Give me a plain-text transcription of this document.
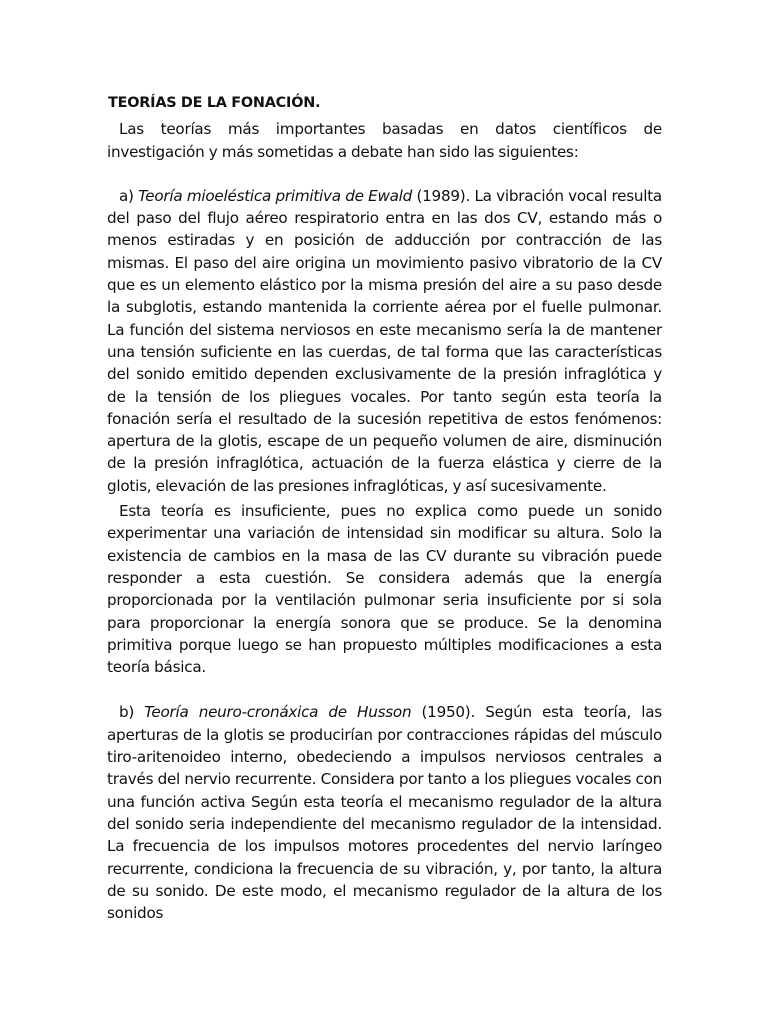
TEORÍAS DE LA FONACIÓN.

Las teorías más importantes basadas en datos científicos de investigación y más sometidas a debate han sido las siguientes:

a) Teoría mioeléstica primitiva de Ewald (1989). La vibración vocal resulta del paso del flujo aéreo respiratorio entra en las dos CV, estando más o menos estiradas y en posición de adducción por contracción de las mismas. El paso del aire origina un movimiento pasivo vibratorio de la CV que es un elemento elástico por la misma presión del aire a su paso desde la subglotis, estando mantenida la corriente aérea por el fuelle pulmonar. La función del sistema nerviosos en este mecanismo sería la de mantener una tensión suficiente en las cuerdas, de tal forma que las características del sonido emitido dependen exclusivamente de la presión infraglótica y de la tensión de los pliegues vocales. Por tanto según esta teoría la fonación sería el resultado de la sucesión repetitiva de estos fenómenos: apertura de la glotis, escape de un pequeño volumen de aire, disminución de la presión infraglótica, actuación de la fuerza elástica y cierre de la glotis, elevación de las presiones infraglóticas, y así sucesivamente.

Esta teoría es insuficiente, pues no explica como puede un sonido experimentar una variación de intensidad sin modificar su altura. Solo la existencia de cambios en la masa de las CV durante su vibración puede responder a esta cuestión. Se considera además que la energía proporcionada por la ventilación pulmonar seria insuficiente por si sola para proporcionar la energía sonora que se produce. Se la denomina primitiva porque luego se han propuesto múltiples modificaciones a esta teoría básica.

b) Teoría neuro-cronáxica de Husson (1950). Según esta teoría, las aperturas de la glotis se producirían por contracciones rápidas del músculo tiro-aritenoideo interno, obedeciendo a impulsos nerviosos centrales a través del nervio recurrente. Considera por tanto a los pliegues vocales con una función activa Según esta teoría el mecanismo regulador de la altura del sonido seria independiente del mecanismo regulador de la intensidad. La frecuencia de los impulsos motores procedentes del nervio laríngeo recurrente, condiciona la frecuencia de su vibración, y, por tanto, la altura de su sonido. De este modo, el mecanismo regulador de la altura de los sonidos
